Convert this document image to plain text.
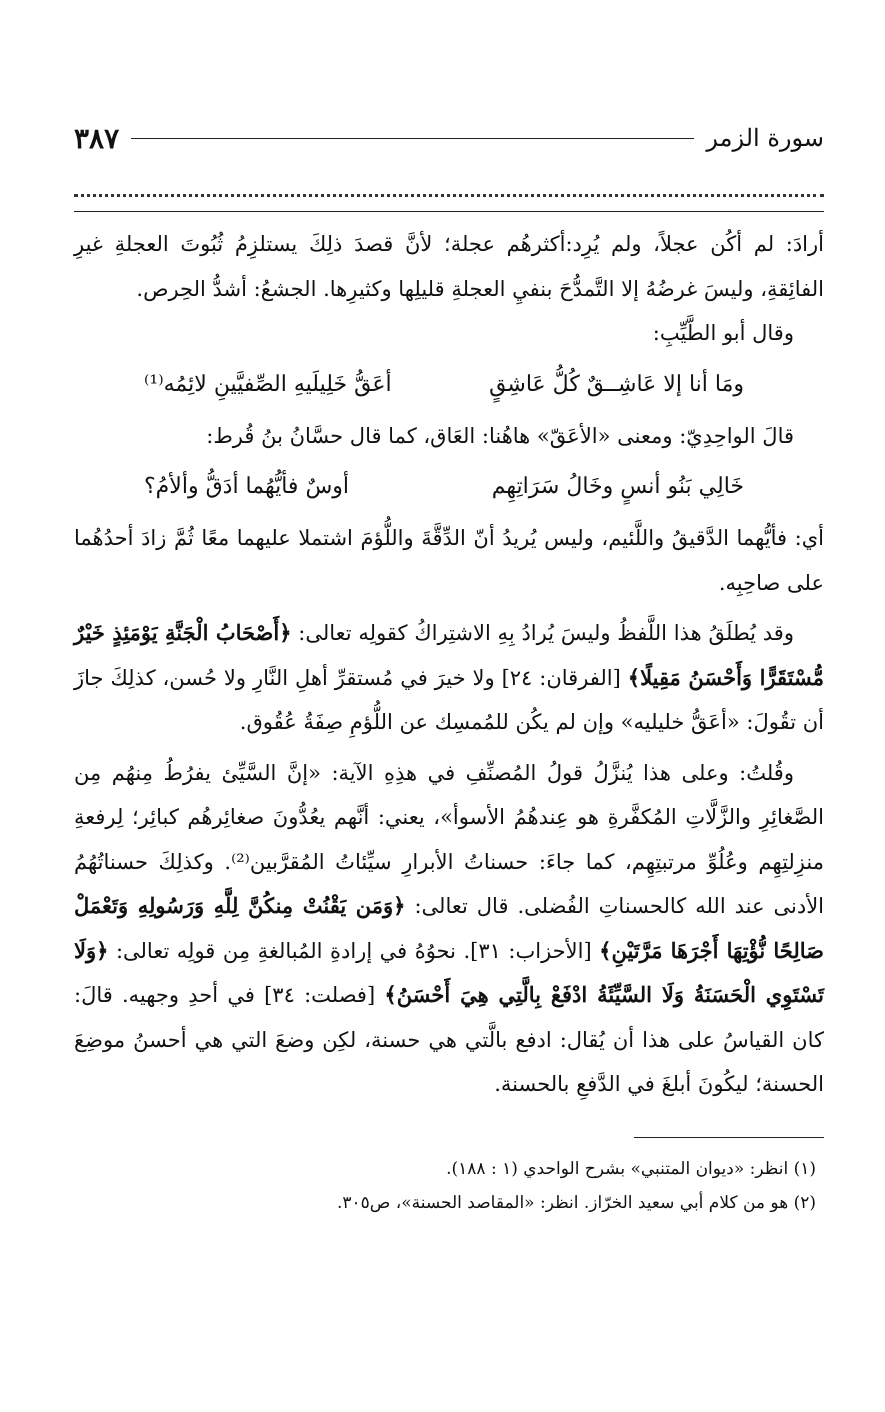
سورة الزمر
٣٨٧

أرادَ: لم أكُن عجلاً، ولم يُرِد:أكثرهُم عجلة؛ لأنَّ قصدَ ذلِكَ يستلزِمُ ثُبُوتَ العجلةِ غيرِ الفائِقةِ، وليسَ غرضُهُ إلا التَّمدُّحَ بنفيِ العجلةِ قليلِها وكثيرِها. الجشعُ: أشدُّ الحِرص.

وقال أبو الطَّيِّبِ:

ومَا أنا إلا عَاشِــقٌ كُلُّ عَاشِقٍ
أعَقُّ خَلِيلَيهِ الصِّفيَّينِ لائِمُه⁽¹⁾

قالَ الواحِدِيّ: ومعنى «الأعَقّ» هاهُنا: العَاق، كما قال حسَّانُ بنُ قُرط:

خَالِي بَنُو أنسٍ وخَالُ سَرَاتِهِم
أوسٌ فأيُّهُما أدَقُّ وألأمُ؟

أي: فأيُّهما الدَّقيقُ واللَّئيم، وليس يُريدُ أنّ الدِّقَّةَ واللُّؤمَ اشتملا عليهما معًا ثُمَّ زادَ أحدُهُما على صاحِبِه.

وقد يُطلَقُ هذا اللَّفظُ وليسَ يُرادُ بِهِ الاشتِراكُ كقولِه تعالى: ﴿أَصْحَابُ الْجَنَّةِ يَوْمَئِذٍ خَيْرٌ مُّسْتَقَرًّا وَأَحْسَنُ مَقِيلًا﴾ [الفرقان: ٢٤] ولا خيرَ في مُستقرِّ أهلِ النَّارِ ولا حُسن، كذلِكَ جازَ أن تقُولَ: «أعَقُّ خليليه» وإن لم يكُن للمُمسِك عن اللُّؤمِ صِفَةُ عُقُوق.

وقُلتُ: وعلى هذا يُنزَّلُ قولُ المُصنِّفِ في هذِهِ الآية: «إنَّ السَّيِّئ يفرُطُ مِنهُم مِن الصَّغائِرِ والزَّلَّاتِ المُكفَّرةِ هو عِندهُمُ الأسوأ»، يعني: أنَّهم يعُدُّونَ صغائِرهُم كبائِر؛ لِرفعةِ منزِلتِهِم وعُلُوِّ مرتبتِهِم، كما جاءَ: حسناتُ الأبرارِ سيِّئاتُ المُقرَّبين⁽²⁾. وكذلِكَ حسناتُهُمُ الأدنى عند الله كالحسناتِ الفُضلى. قال تعالى: ﴿وَمَن يَقْنُتْ مِنكُنَّ لِلَّهِ وَرَسُولِهِ وَتَعْمَلْ صَالِحًا نُّؤْتِهَا أَجْرَهَا مَرَّتَيْنِ﴾ [الأحزاب: ٣١]. نحوُهُ في إرادةِ المُبالغةِ مِن قولِه تعالى: ﴿وَلَا تَسْتَوِي الْحَسَنَةُ وَلَا السَّيِّئَةُ ادْفَعْ بِالَّتِي هِيَ أَحْسَنُ﴾ [فصلت: ٣٤] في أحدِ وجهيه. قالَ: كان القياسُ على هذا أن يُقال: ادفع بالَّتي هي حسنة، لكِن وضعَ التي هي أحسنُ موضِعَ الحسنة؛ ليكُونَ أبلغَ في الدَّفعِ بالحسنة.

(١) انظر: «ديوان المتنبي» بشرح الواحدي (١ : ١٨٨).

(٢) هو من كلام أبي سعيد الخرّاز. انظر: «المقاصد الحسنة»، ص٣٠٥.
